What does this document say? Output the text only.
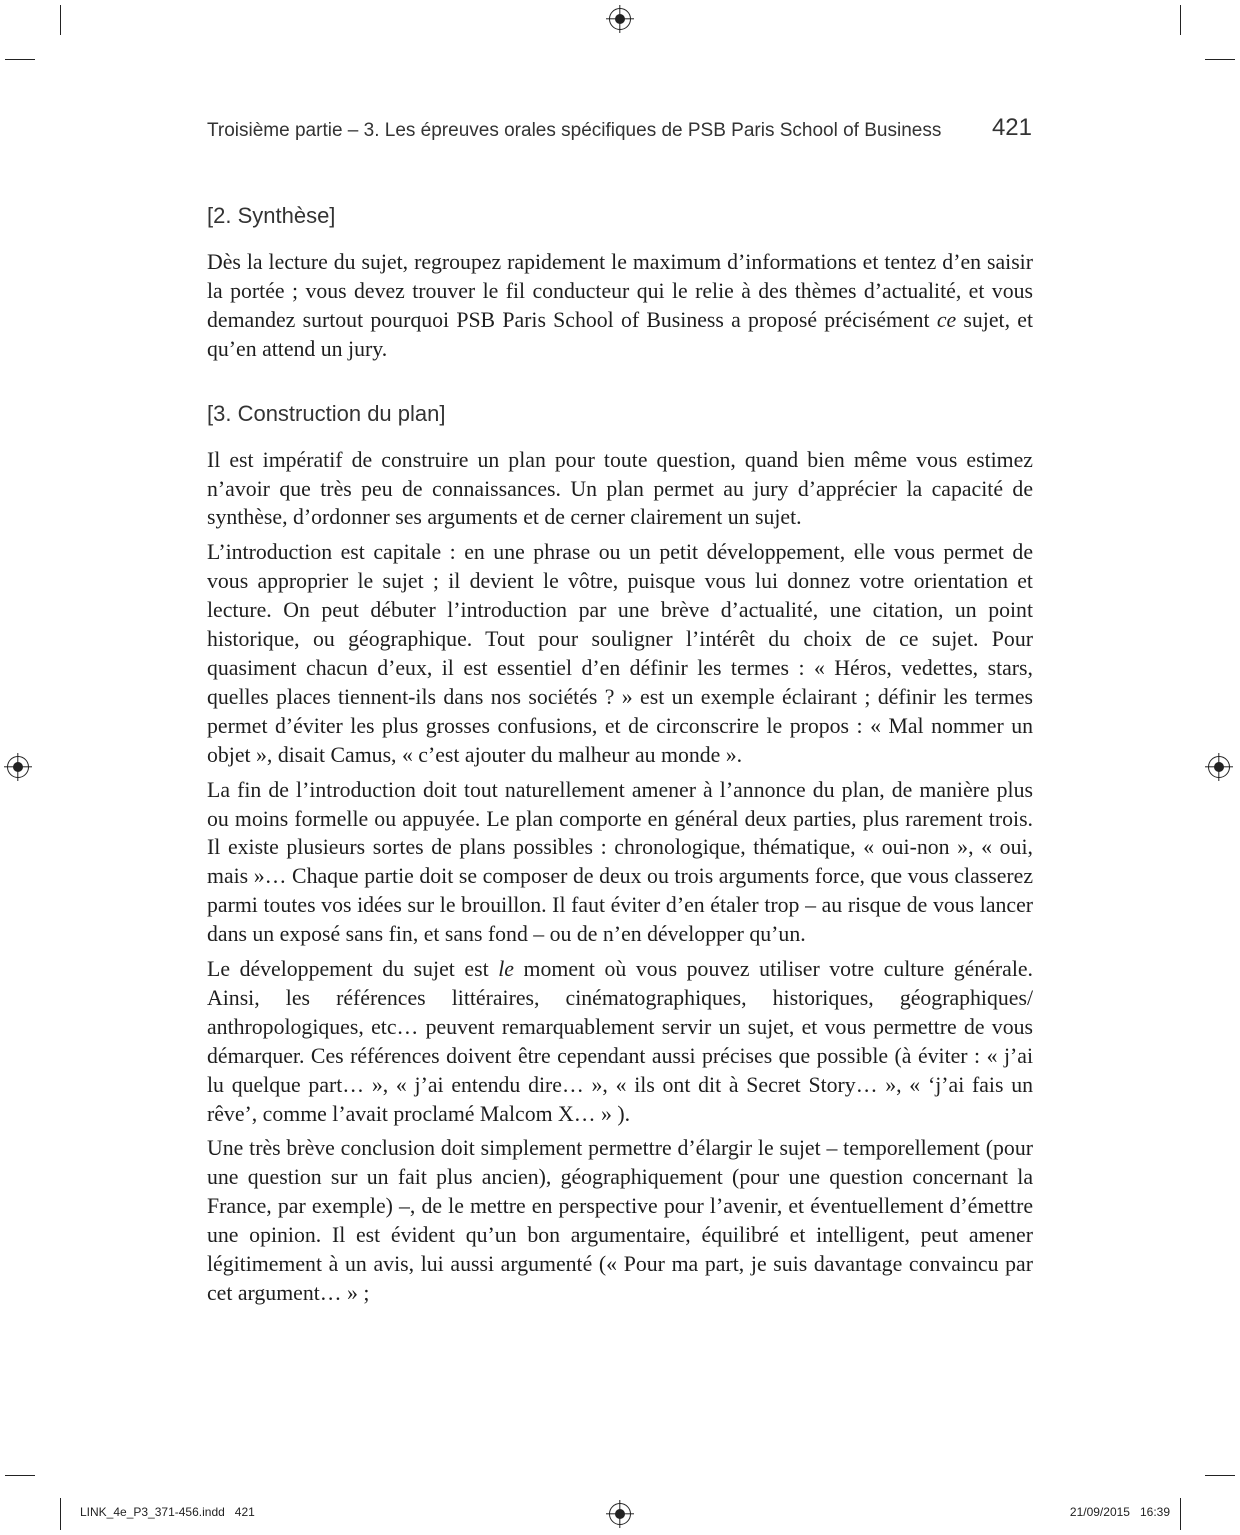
Troisième partie – 3. Les épreuves orales spécifiques de PSB Paris School of Business 421
[2. Synthèse]

Dès la lecture du sujet, regroupez rapidement le maximum d’informations et tentez d’en saisir la portée ; vous devez trouver le fil conducteur qui le relie à des thèmes d’actualité, et vous demandez surtout pourquoi PSB Paris School of Business a proposé précisément ce sujet, et qu’en attend un jury.

[3. Construction du plan]

Il est impératif de construire un plan pour toute question, quand bien même vous estimez n’avoir que très peu de connaissances. Un plan permet au jury d’apprécier la capacité de synthèse, d’ordonner ses arguments et de cerner clairement un sujet.

L’introduction est capitale : en une phrase ou un petit développement, elle vous permet de vous approprier le sujet ; il devient le vôtre, puisque vous lui donnez votre orientation et lecture. On peut débuter l’introduction par une brève d’actualité, une citation, un point historique, ou géographique. Tout pour souligner l’intérêt du choix de ce sujet. Pour quasiment chacun d’eux, il est essentiel d’en définir les termes : « Héros, vedettes, stars, quelles places tiennent-ils dans nos sociétés ? » est un exemple éclairant ; définir les termes permet d’éviter les plus grosses confusions, et de circonscrire le propos : « Mal nommer un objet », disait Camus, « c’est ajouter du malheur au monde ».

La fin de l’introduction doit tout naturellement amener à l’annonce du plan, de manière plus ou moins formelle ou appuyée. Le plan comporte en général deux parties, plus rarement trois. Il existe plusieurs sortes de plans possibles : chronologique, thématique, « oui-non », « oui, mais »… Chaque partie doit se composer de deux ou trois arguments force, que vous classerez parmi toutes vos idées sur le brouillon. Il faut éviter d’en étaler trop – au risque de vous lancer dans un exposé sans fin, et sans fond – ou de n’en développer qu’un.

Le développement du sujet est le moment où vous pouvez utiliser votre culture générale. Ainsi, les références littéraires, cinématographiques, historiques, géographiques/ anthropologiques, etc… peuvent remarquablement servir un sujet, et vous permettre de vous démarquer. Ces références doivent être cependant aussi précises que possible (à éviter : « j’ai lu quelque part… », « j’ai entendu dire… », « ils ont dit à Secret Story… », « ‘j’ai fais un rêve’, comme l’avait proclamé Malcom X… » ).

Une très brève conclusion doit simplement permettre d’élargir le sujet – temporellement (pour une question sur un fait plus ancien), géographiquement (pour une question concernant la France, par exemple) –, de le mettre en perspective pour l’avenir, et éventuellement d’émettre une opinion. Il est évident qu’un bon argumentaire, équilibré et intelligent, peut amener légitimement à un avis, lui aussi argumenté (« Pour ma part, je suis davantage convaincu par cet argument… » ;

LINK_4e_P3_371-456.indd   421	21/09/2015   16:39
